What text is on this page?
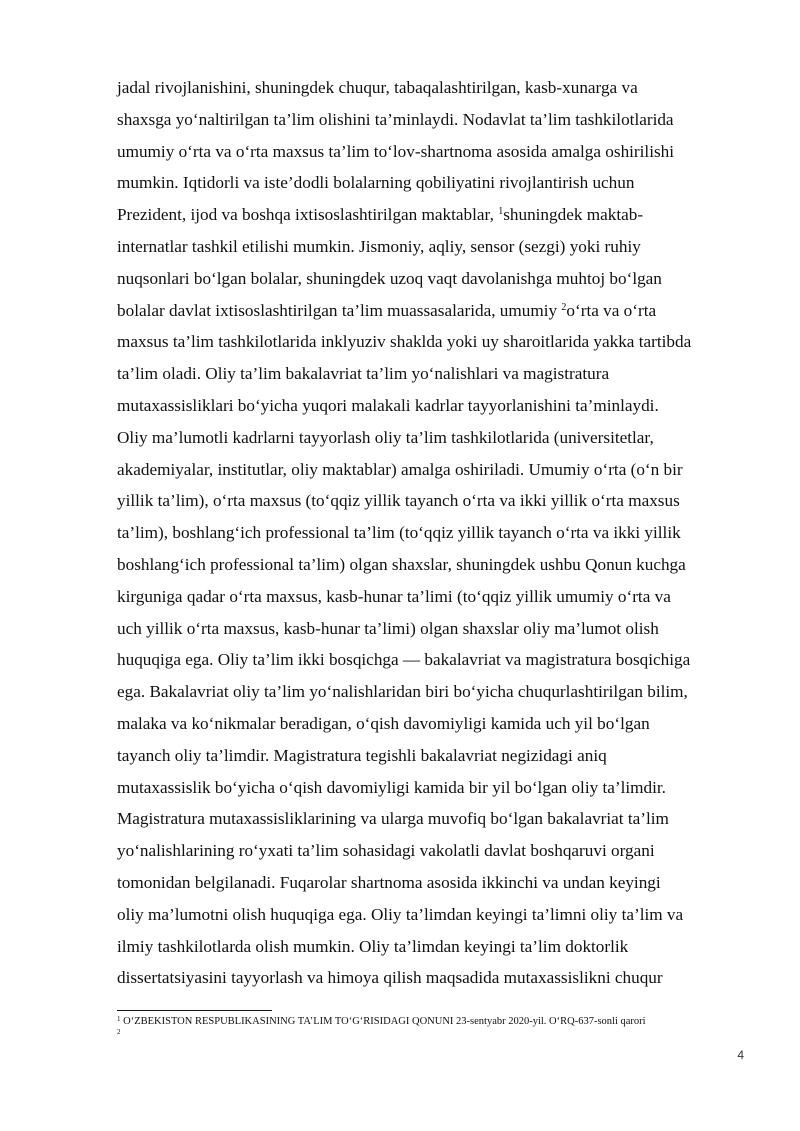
jadal rivojlanishini, shuningdek chuqur, tabaqalashtirilgan, kasb-xunarga va
shaxsga yo‘naltirilgan ta’lim olishini ta’minlaydi. Nodavlat ta’lim tashkilotlarida
umumiy o‘rta va o‘rta maxsus ta’lim to‘lov-shartnoma asosida amalga oshirilishi
mumkin. Iqtidorli va iste’dodli bolalarning qobiliyatini rivojlantirish uchun
Prezident, ijod va boshqa ixtisoslashtirilgan maktablar, $^1$shuningdek maktab-
internatlar tashkil etilishi mumkin. Jismoniy, aqliy, sensor (sezgi) yoki ruhiy
nuqsonlari bo‘lgan bolalar, shuningdek uzoq vaqt davolanishga muhtoj bo‘lgan
bolalar davlat ixtisoslashtirilgan ta’lim muassasalarida, umumiy $^2$o‘rta va o‘rta
maxsus ta’lim tashkilotlarida inklyuziv shaklda yoki uy sharoitlarida yakka tartibda
ta’lim oladi. Oliy ta’lim bakalavriat ta’lim yo‘nalishlari va magistratura
mutaxassisliklari bo‘yicha yuqori malakali kadrlar tayyorlanishini ta’minlaydi.
Oliy ma’lumotli kadrlarni tayyorlash oliy ta’lim tashkilotlarida (universitetlar,
akademiyalar, institutlar, oliy maktablar) amalga oshiriladi. Umumiy o‘rta (o‘n bir
yillik ta’lim), o‘rta maxsus (to‘qqiz yillik tayanch o‘rta va ikki yillik o‘rta maxsus
ta’lim), boshlang‘ich professional ta’lim (to‘qqiz yillik tayanch o‘rta va ikki yillik
boshlang‘ich professional ta’lim) olgan shaxslar, shuningdek ushbu Qonun kuchga
kirguniga qadar o‘rta maxsus, kasb-hunar ta’limi (to‘qqiz yillik umumiy o‘rta va
uch yillik o‘rta maxsus, kasb-hunar ta’limi) olgan shaxslar oliy ma’lumot olish
huquqiga ega. Oliy ta’lim ikki bosqichga — bakalavriat va magistratura bosqichiga
ega. Bakalavriat oliy ta’lim yo‘nalishlaridan biri bo‘yicha chuqurlashtirilgan bilim,
malaka va ko‘nikmalar beradigan, o‘qish davomiyligi kamida uch yil bo‘lgan
tayanch oliy ta’limdir. Magistratura tegishli bakalavriat negizidagi aniq
mutaxassislik bo‘yicha o‘qish davomiyligi kamida bir yil bo‘lgan oliy ta’limdir.
Magistratura mutaxassisliklarining va ularga muvofiq bo‘lgan bakalavriat ta’lim
yo‘nalishlarining ro‘yxati ta’lim sohasidagi vakolatli davlat boshqaruvi organi
tomonidan belgilanadi. Fuqarolar shartnoma asosida ikkinchi va undan keyingi
oliy ma’lumotni olish huquqiga ega. Oliy ta’limdan keyingi ta’limni oliy ta’lim va
ilmiy tashkilotlarda olish mumkin. Oliy ta’limdan keyingi ta’lim doktorlik
dissertatsiyasini tayyorlash va himoya qilish maqsadida mutaxassislikni chuqur
$^1$ O‘ZBEKISTON RESPUBLIKASINING TA’LIM TO‘G‘RISIDAGI QONUNI 23-sentyabr 2020-yil. O‘RQ-637-sonli qarori
$^2$
4
